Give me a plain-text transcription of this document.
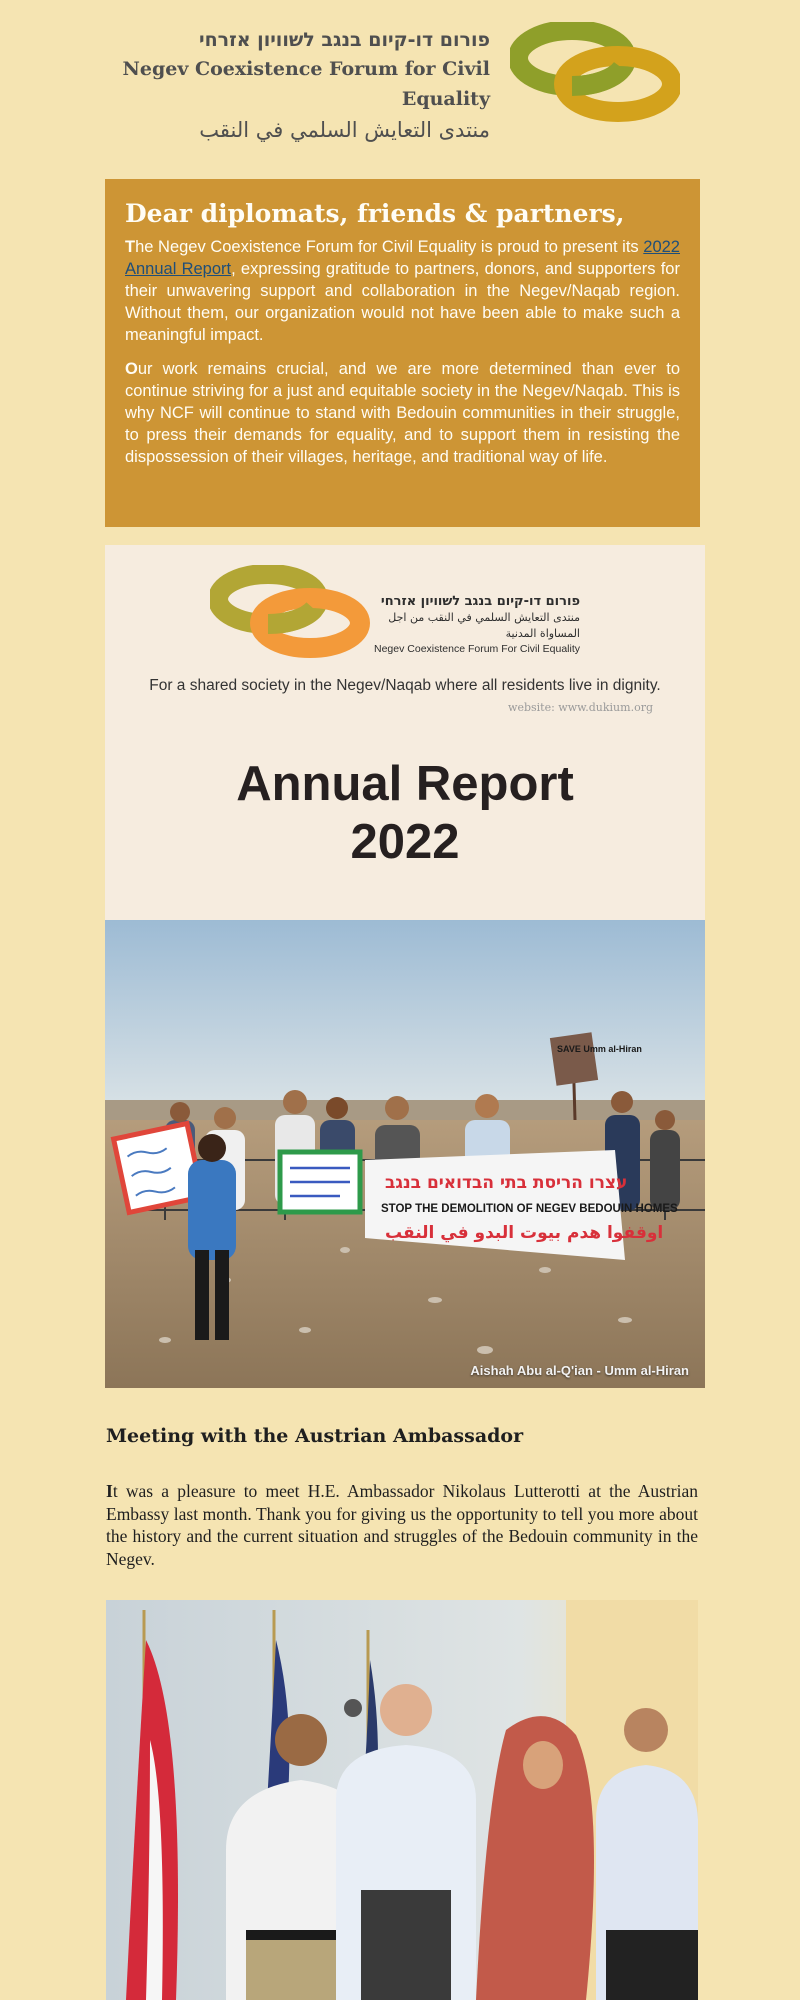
פורום דו-קיום בנגב לשוויון אזרחי
Negev Coexistence Forum for Civil Equality
منتدى التعايش السلمي في النقب
Dear diplomats, friends & partners,

The Negev Coexistence Forum for Civil Equality is proud to present its 2022 Annual Report, expressing gratitude to partners, donors, and supporters for their unwavering support and collaboration in the Negev/Naqab region. Without them, our organization would not have been able to make such a meaningful impact.

Our work remains crucial, and we are more determined than ever to continue striving for a just and equitable society in the Negev/Naqab. This is why NCF will continue to stand with Bedouin communities in their struggle, to press their demands for equality, and to support them in resisting the dispossession of their villages, heritage, and traditional way of life.

פורום דו-קיום בנגב לשוויון אזרחי
منتدى التعايش السلمي في النقب من اجل المساواة المدنية
Negev Coexistence Forum For Civil Equality
For a shared society in the Negev/Naqab where all residents live in dignity.
website: www.dukium.org
Annual Report
2022
עצרו הריסת בתי הבדואים בנגב
STOP THE DEMOLITION OF NEGEV BEDOUIN HOMES
اوقفوا هدم بيوت البدو في النقب
SAVE Umm al-Hiran
Aishah Abu al-Q'ian - Umm al-Hiran
Meeting with the Austrian Ambassador

It was a pleasure to meet H.E. Ambassador Nikolaus Lutterotti at the Austrian Embassy last month. Thank you for giving us the opportunity to tell you more about the history and the current situation and struggles of the Bedouin community in the Negev.
